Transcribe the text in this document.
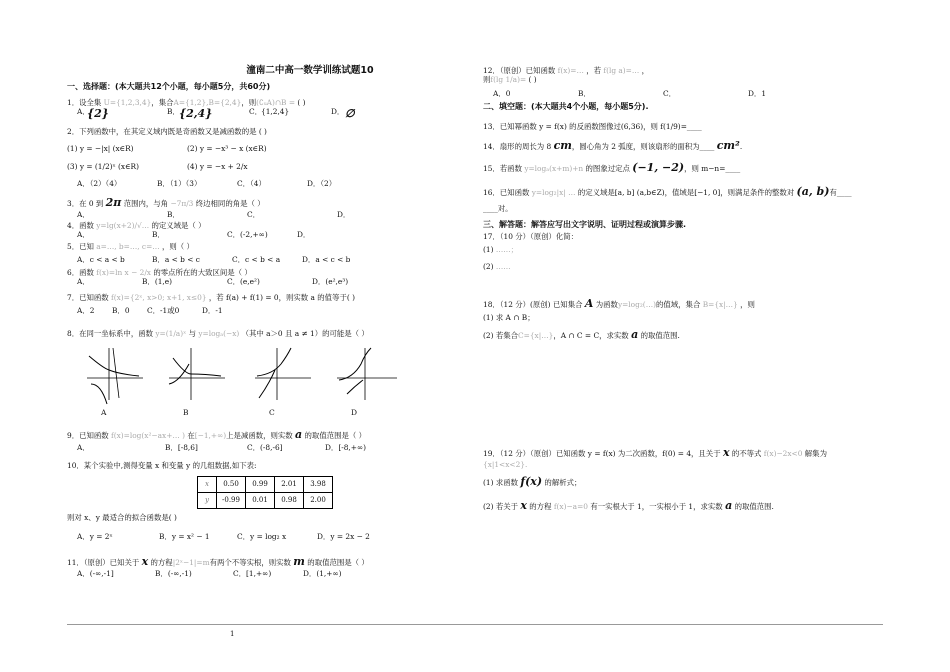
潼南二中高一数学训练试题10
一、选择题：(本大题共12个小题，每小题5分，共60分)
1．设全集 U={1,2,3,4}，集合A={1,2},B={2,4}，则(∁ᵤA)∩B = ( )
A．
{2}	B． {2,4}	C．
{1,2,4}	D． ∅
2．下列函数中，在其定义域内既是奇函数又是减函数的是 ( )
(1) y = −|x| (x∈R)	(2) y = −x³ − x (x∈R)
(3) y = (1/2)ˣ (x∈R)	(4) y = −x + 2/x
A．（2）（4）	B．（1）（3）	C．（4）	D．（2）
3．在 0 到 2π 范围内，与角 −7π/3 终边相同的角是（ ）
A．	B．	C．	D．
4．函数 y=lg(x+2)/√… 的定义域是（ ）
A．	B．	C．(-2,+∞)	D．
5．已知 a=…, b=…, c=… ，则（ ）
A．c < a < b	B．a < b < c	C．c < b < a	D．a < c < b
6．函数 f(x)=ln x − 2/x 的零点所在的大致区间是（ ）
A．	B．(1,e)	C．(e,e²)	D．(e²,e³)
7．已知函数 f(x)={2ˣ, x>0; x+1, x≤0} ，若 f(a) + f(1) = 0，则实数 a 的值等于( )
A．2	B．0	C．-1或0	D．-1
8．在同一坐标系中，函数 y=(1/a)ˣ 与 y=logₐ(−x) （其中 a＞0 且 a ≠ 1）的可能是（ ）
A	B	C	D
9．已知函数 f(x)=log(x²−ax+… ) 在[−1,+∞)上是减函数，则实数 a 的取值范围是（ ）
A．	B．[-8,6]	C．(-8,-6]	D．[-8,+∞)
10．某个实验中,测得变量 x 和变量 y 的几组数据,如下表:
x	0.50	0.99	2.01	3.98
y	-0.99	0.01	0.98	2.00
则对 x、y 最适合的拟合函数是( )
A．y = 2ˣ	B．y = x² − 1	C．y = log₂ x	D．y = 2x − 2
11．（原创）已知关于 x 的方程|2ˣ−1|=m有两个不等实根，则实数 m 的取值范围是（ ）
A．(-∞,-1]	B．(-∞,-1)	C．[1,+∞)	D．(1,+∞)
12．（原创）已知函数 f(x)=… ，若 f(lg a)=… ，
则f(lg 1/a)= ( )
A．0	B．	C．	D．1
二、填空题：(本大题共4个小题，每小题5分).
13．已知幂函数 y = f(x) 的反函数图像过(6,36)，则 f(1/9)=____
14．扇形的周长为 8 cm，圆心角为 2 弧度，则该扇形的面积为____ cm².
15．若函数 y=logₐ(x+m)+n 的图象过定点 (−1, −2)，则 m−n=____
16．已知函数 y=log₂|x| … 的定义域是[a, b] (a,b∈Z)，值域是[−1, 0]，则满足条件的整数对 (a, b)有____
____对。
三、解答题：解答应写出文字说明、证明过程或演算步骤.
17．（10 分）（原创）化简：
(1) ……；
(2) ……
18．（12 分）(原创) 已知集合 A 为函数y=log₂(…)的值域，集合 B={x|…} ，则
(1) 求 A ∩ B；
(2) 若集合C={x|…}，A ∩ C = C，求实数 a 的取值范围.
19．（12 分）（原创）已知函数 y = f(x) 为二次函数，f(0) = 4，且关于 x 的不等式 f(x)−2x<0 解集为
{x|1<x<2}.
(1) 求函数 f(x) 的解析式；
(2) 若关于 x 的方程 f(x)−a=0 有一实根大于 1，一实根小于 1，求实数 a 的取值范围.
1
